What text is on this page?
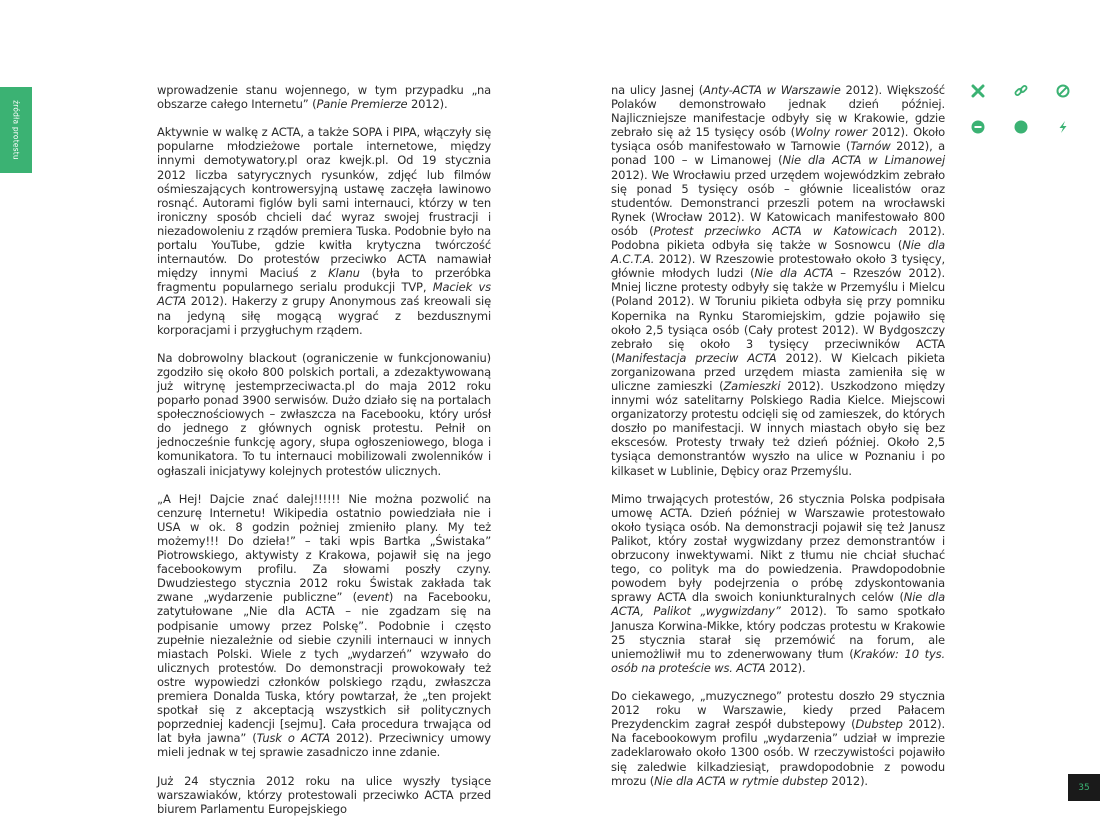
źródła protestu

wprowadzenie stanu wojennego, w tym przypadku „na obszarze całego Internetu” (Panie Premierze 2012).

Aktywnie w walkę z ACTA, a także SOPA i PIPA, włączyły się popularne młodzieżowe portale internetowe, między innymi demotywatory.pl oraz kwejk.pl. Od 19 stycznia 2012 liczba satyrycznych rysunków, zdjęć lub filmów ośmieszających kontrowersyjną ustawę zaczęła lawinowo rosnąć. Autorami figlów byli sami internauci, którzy w ten ironiczny sposób chcieli dać wyraz swojej frustracji i niezadowoleniu z rządów premiera Tuska. Podobnie było na portalu YouTube, gdzie kwitła krytyczna twórczość internautów. Do protestów przeciwko ACTA namawiał między innymi Maciuś z Klanu (była to przeróbka fragmentu popularnego serialu produkcji TVP, Maciek vs ACTA 2012). Hakerzy z grupy Anonymous zaś kreowali się na jedyną siłę mogącą wygrać z bezdusznymi korporacjami i przygłuchym rządem.

Na dobrowolny blackout (ograniczenie w funkcjonowaniu) zgodziło się około 800 polskich portali, a zdezaktywowaną już witrynę jestemprzeciwacta.pl do maja 2012 roku poparło ponad 3900 serwisów. Dużo działo się na portalach społecznościowych – zwłaszcza na Facebooku, który urósł do jednego z głównych ognisk protestu. Pełnił on jednocześnie funkcję agory, słupa ogłoszeniowego, bloga i komunikatora. To tu internauci mobilizowali zwolenników i ogłaszali inicjatywy kolejnych protestów ulicznych.

„A Hej! Dajcie znać dalej!!!!!! Nie można pozwolić na cenzurę Internetu! Wikipedia ostatnio powiedziała nie i USA w ok. 8 godzin pożniej zmieniło plany. My też możemy!!! Do dzieła!” – taki wpis Bartka „Świstaka” Piotrowskiego, aktywisty z Krakowa, pojawił się na jego facebookowym profilu. Za słowami poszły czyny. Dwudziestego stycznia 2012 roku Świstak zakłada tak zwane „wydarzenie publiczne” (event) na Facebooku, zatytułowane „Nie dla ACTA – nie zgadzam się na podpisanie umowy przez Polskę”. Podobnie i często zupełnie niezależnie od siebie czynili internauci w innych miastach Polski. Wiele z tych „wydarzeń” wzywało do ulicznych protestów. Do demonstracji prowokowały też ostre wypowiedzi członków polskiego rządu, zwłaszcza premiera Donalda Tuska, który powtarzał, że „ten projekt spotkał się z akceptacją wszystkich sił politycznych poprzedniej kadencji [sejmu]. Cała procedura trwająca od lat była jawna” (Tusk o ACTA 2012). Przeciwnicy umowy mieli jednak w tej sprawie zasadniczo inne zdanie.

Już 24 stycznia 2012 roku na ulice wyszły tysiące warszawiaków, którzy protestowali przeciwko ACTA przed biurem Parlamentu Europejskiego

na ulicy Jasnej (Anty-ACTA w Warszawie 2012). Większość Polaków demonstrowało jednak dzień później. Najliczniejsze manifestacje odbyły się w Krakowie, gdzie zebrało się aż 15 tysięcy osób (Wolny rower 2012). Około tysiąca osób manifestowało w Tarnowie (Tarnów 2012), a ponad 100 – w Limanowej (Nie dla ACTA w Limanowej 2012). We Wrocławiu przed urzędem wojewódzkim zebrało się ponad 5 tysięcy osób – głównie licealistów oraz studentów. Demonstranci przeszli potem na wrocławski Rynek (Wrocław 2012). W Katowicach manifestowało 800 osób (Protest przeciwko ACTA w Katowicach 2012). Podobna pikieta odbyła się także w Sosnowcu (Nie dla A.C.T.A. 2012). W Rzeszowie protestowało około 3 tysięcy, głównie młodych ludzi (Nie dla ACTA – Rzeszów 2012). Mniej liczne protesty odbyły się także w Przemyślu i Mielcu (Poland 2012). W Toruniu pikieta odbyła się przy pomniku Kopernika na Rynku Staromiejskim, gdzie pojawiło się około 2,5 tysiąca osób (Cały protest 2012). W Bydgoszczy zebrało się około 3 tysięcy przeciwników ACTA (Manifestacja przeciw ACTA 2012). W Kielcach pikieta zorganizowana przed urzędem miasta zamieniła się w uliczne zamieszki (Zamieszki 2012). Uszkodzono między innymi wóz satelitarny Polskiego Radia Kielce. Miejscowi organizatorzy protestu odcięli się od zamieszek, do których doszło po manifestacji. W innych miastach obyło się bez ekscesów. Protesty trwały też dzień później. Około 2,5 tysiąca demonstrantów wyszło na ulice w Poznaniu i po kilkaset w Lublinie, Dębicy oraz Przemyślu.

Mimo trwających protestów, 26 stycznia Polska podpisała umowę ACTA. Dzień później w Warszawie protestowało około tysiąca osób. Na demonstracji pojawił się też Janusz Palikot, który został wygwizdany przez demonstrantów i obrzucony inwektywami. Nikt z tłumu nie chciał słuchać tego, co polityk ma do powiedzenia. Prawdopodobnie powodem były podejrzenia o próbę zdyskontowania sprawy ACTA dla swoich koniunkturalnych celów (Nie dla ACTA, Palikot „wygwizdany” 2012). To samo spotkało Janusza Korwina-Mikke, który podczas protestu w Krakowie 25 stycznia starał się przemówić na forum, ale uniemożliwił mu to zdenerwowany tłum (Kraków: 10 tys. osób na proteście ws. ACTA 2012).

Do ciekawego, „muzycznego” protestu doszło 29 stycznia 2012 roku w Warszawie, kiedy przed Pałacem Prezydenckim zagrał zespół dubstepowy (Dubstep 2012). Na facebookowym profilu „wydarzenia” udział w imprezie zadeklarowało około 1300 osób. W rzeczywistości pojawiło się zaledwie kilkadziesiąt, prawdopodobnie z powodu mrozu (Nie dla ACTA w rytmie dubstep 2012).	35
